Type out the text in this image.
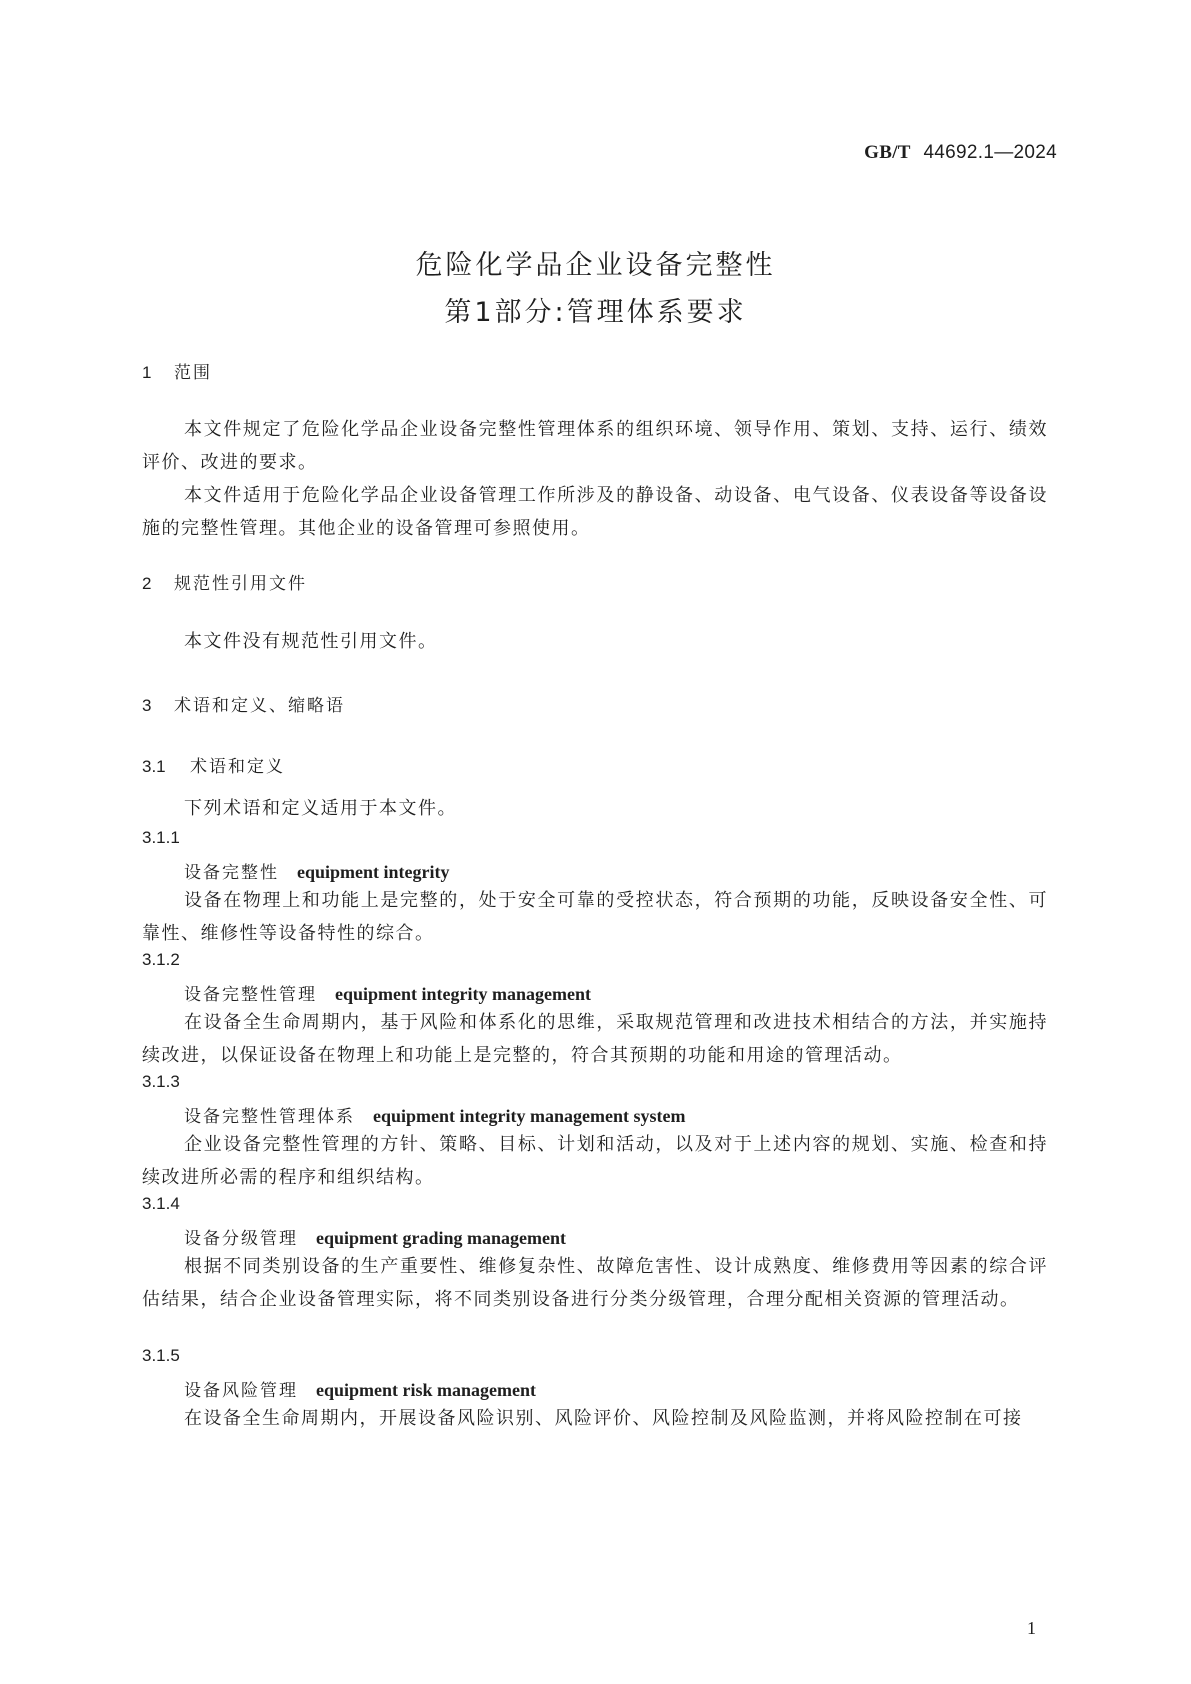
GB/T 44692.1—2024
危险化学品企业设备完整性
第1部分:管理体系要求
1 范围
本文件规定了危险化学品企业设备完整性管理体系的组织环境、领导作用、策划、支持、运行、绩效评价、改进的要求。
本文件适用于危险化学品企业设备管理工作所涉及的静设备、动设备、电气设备、仪表设备等设备设施的完整性管理。其他企业的设备管理可参照使用。
2 规范性引用文件
本文件没有规范性引用文件。
3 术语和定义、缩略语
3.1 术语和定义
下列术语和定义适用于本文件。
3.1.1
设备完整性 equipment integrity
设备在物理上和功能上是完整的，处于安全可靠的受控状态，符合预期的功能，反映设备安全性、可靠性、维修性等设备特性的综合。
3.1.2
设备完整性管理 equipment integrity management
在设备全生命周期内，基于风险和体系化的思维，采取规范管理和改进技术相结合的方法，并实施持续改进，以保证设备在物理上和功能上是完整的，符合其预期的功能和用途的管理活动。
3.1.3
设备完整性管理体系 equipment integrity management system
企业设备完整性管理的方针、策略、目标、计划和活动，以及对于上述内容的规划、实施、检查和持续改进所必需的程序和组织结构。
3.1.4
设备分级管理 equipment grading management
根据不同类别设备的生产重要性、维修复杂性、故障危害性、设计成熟度、维修费用等因素的综合评估结果，结合企业设备管理实际，将不同类别设备进行分类分级管理，合理分配相关资源的管理活动。
3.1.5
设备风险管理 equipment risk management
在设备全生命周期内，开展设备风险识别、风险评价、风险控制及风险监测，并将风险控制在可接
1
